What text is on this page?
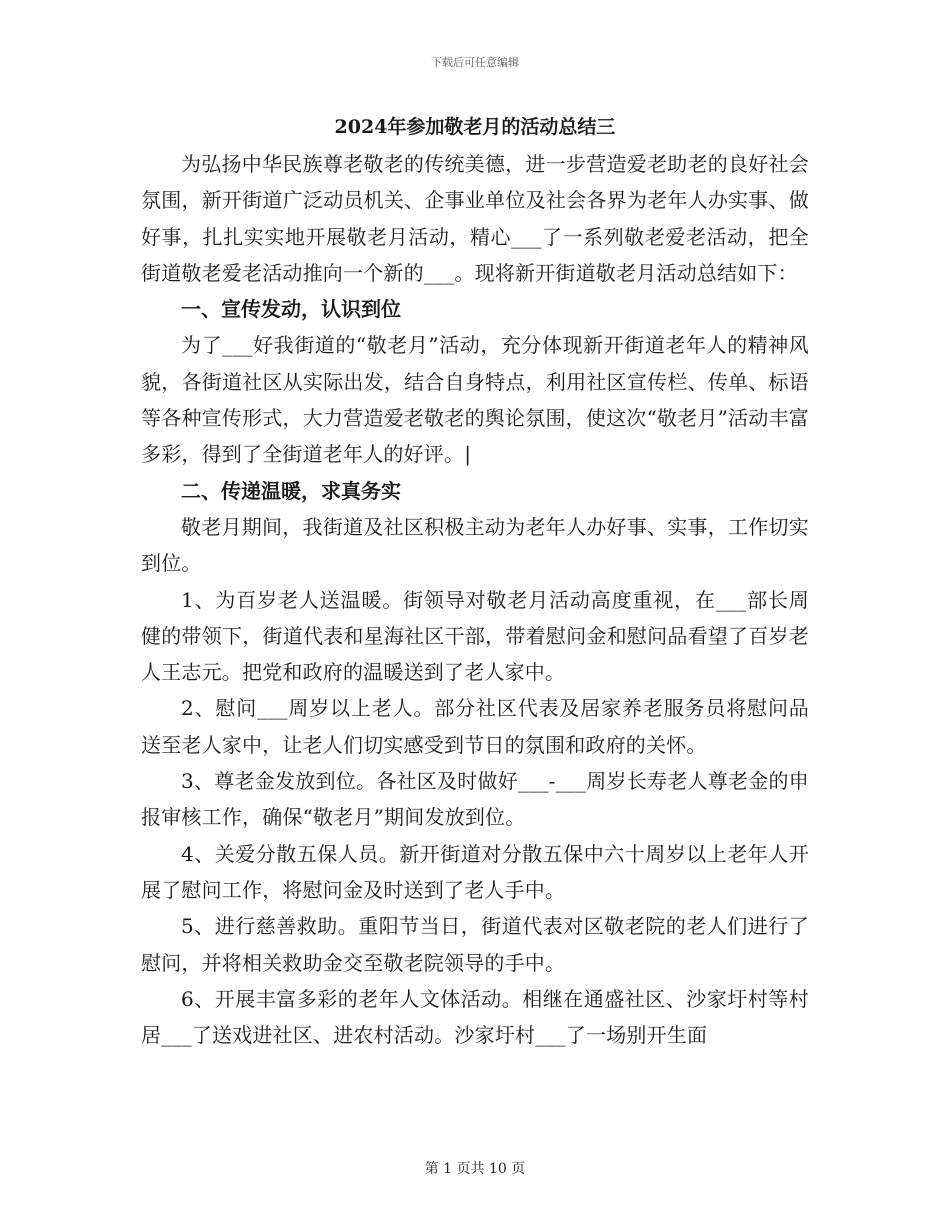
下载后可任意编辑
2024年参加敬老月的活动总结三

为弘扬中华民族尊老敬老的传统美德，进一步营造爱老助老的良好社会氛围，新开街道广泛动员机关、企事业单位及社会各界为老年人办实事、做好事，扎扎实实地开展敬老月活动，精心___了一系列敬老爱老活动，把全街道敬老爱老活动推向一个新的___。现将新开街道敬老月活动总结如下：

一、宣传发动，认识到位

为了___好我街道的“敬老月”活动，充分体现新开街道老年人的精神风貌，各街道社区从实际出发，结合自身特点，利用社区宣传栏、传单、标语等各种宣传形式，大力营造爱老敬老的舆论氛围，使这次“敬老月”活动丰富多彩，得到了全街道老年人的好评。|

二、传递温暖，求真务实

敬老月期间，我街道及社区积极主动为老年人办好事、实事，工作切实到位。

1、为百岁老人送温暖。街领导对敬老月活动高度重视，在___部长周健的带领下，街道代表和星海社区干部，带着慰问金和慰问品看望了百岁老人王志元。把党和政府的温暖送到了老人家中。

2、慰问___周岁以上老人。部分社区代表及居家养老服务员将慰问品送至老人家中，让老人们切实感受到节日的氛围和政府的关怀。

3、尊老金发放到位。各社区及时做好___-___周岁长寿老人尊老金的申报审核工作，确保“敬老月”期间发放到位。

4、关爱分散五保人员。新开街道对分散五保中六十周岁以上老年人开展了慰问工作，将慰问金及时送到了老人手中。

5、进行慈善救助。重阳节当日，街道代表对区敬老院的老人们进行了慰问，并将相关救助金交至敬老院领导的手中。

6、开展丰富多彩的老年人文体活动。相继在通盛社区、沙家圩村等村居___了送戏进社区、进农村活动。沙家圩村___了一场别开生面

第 1 页共 10 页
